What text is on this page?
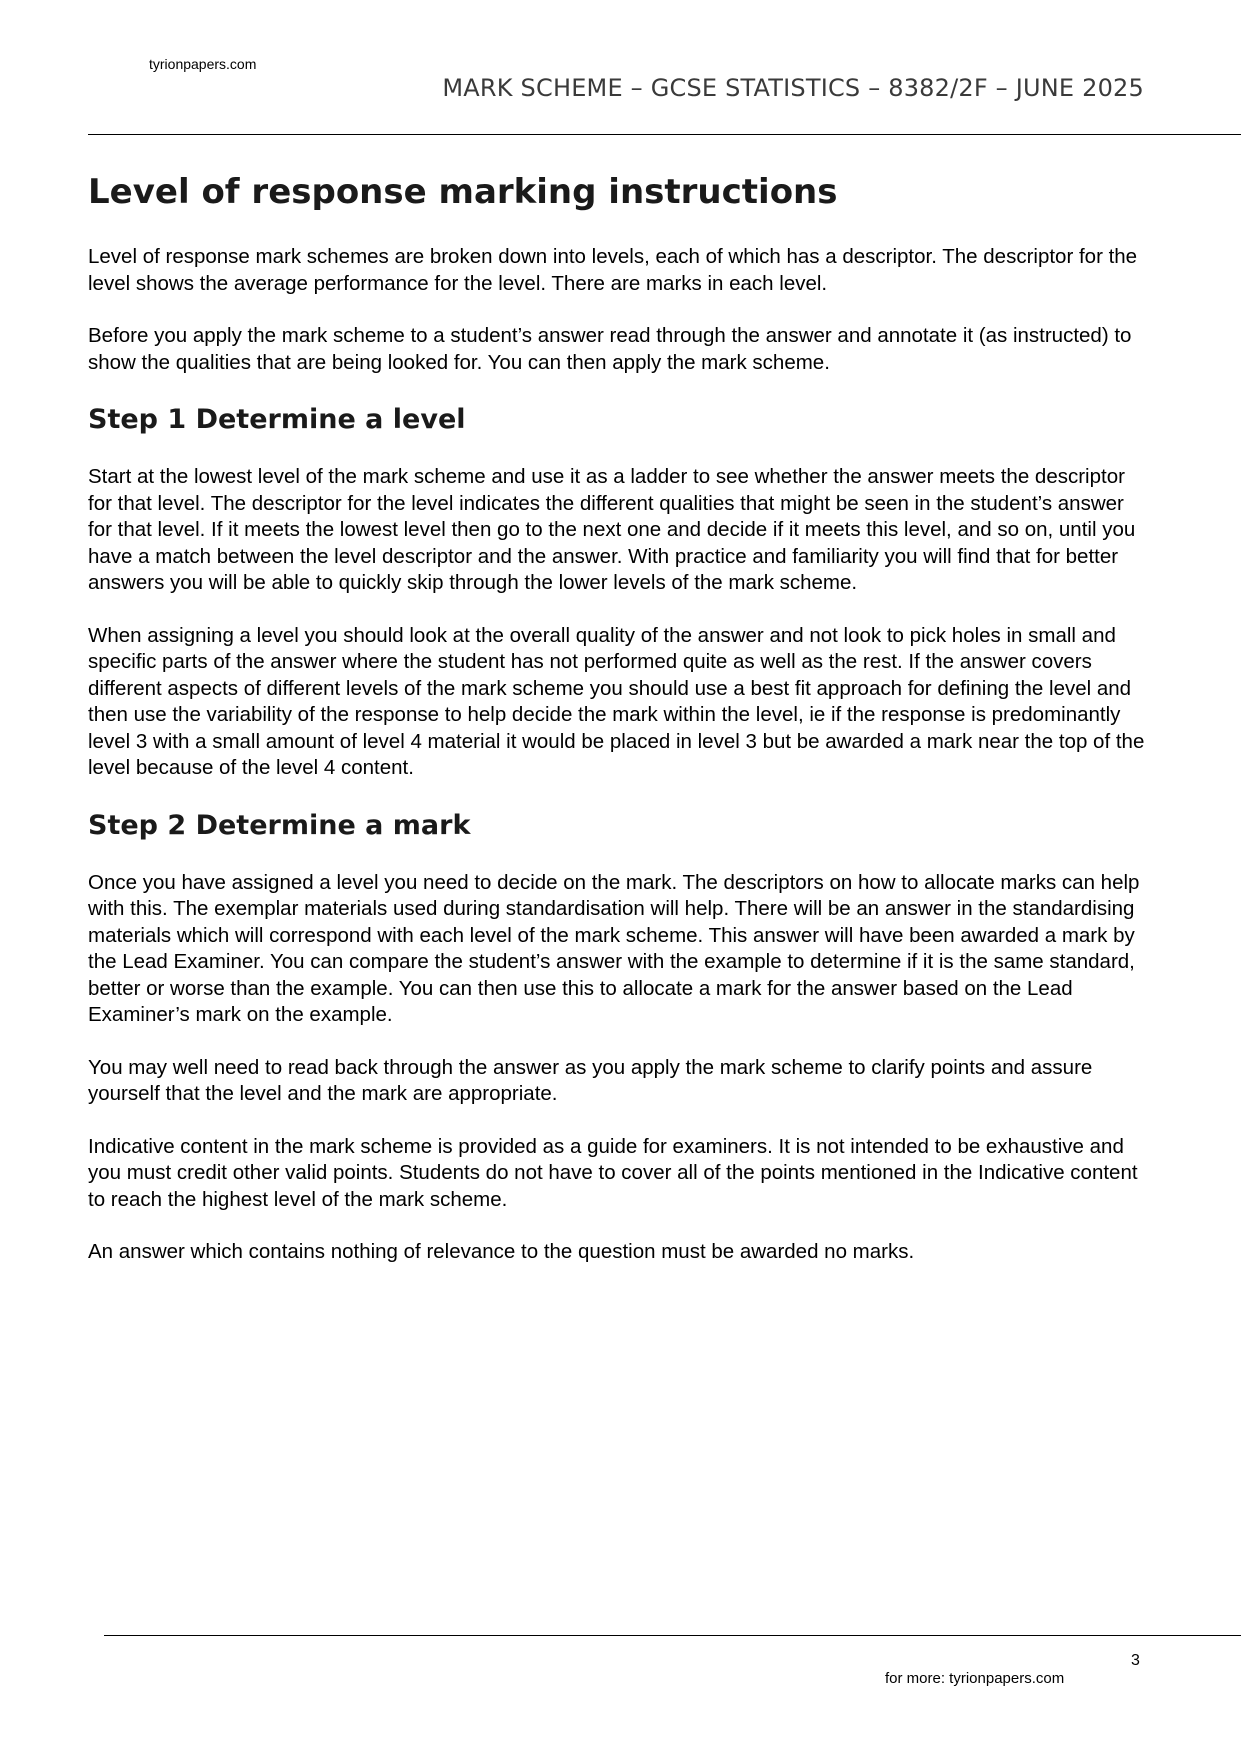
tyrionpapers.com
MARK SCHEME – GCSE STATISTICS – 8382/2F – JUNE 2025
Level of response marking instructions

Level of response mark schemes are broken down into levels, each of which has a descriptor. The descriptor for the level shows the average performance for the level. There are marks in each level.

Before you apply the mark scheme to a student’s answer read through the answer and annotate it (as instructed) to show the qualities that are being looked for. You can then apply the mark scheme.

Step 1 Determine a level

Start at the lowest level of the mark scheme and use it as a ladder to see whether the answer meets the descriptor for that level. The descriptor for the level indicates the different qualities that might be seen in the student’s answer for that level. If it meets the lowest level then go to the next one and decide if it meets this level, and so on, until you have a match between the level descriptor and the answer. With practice and familiarity you will find that for better answers you will be able to quickly skip through the lower levels of the mark scheme.

When assigning a level you should look at the overall quality of the answer and not look to pick holes in small and specific parts of the answer where the student has not performed quite as well as the rest. If the answer covers different aspects of different levels of the mark scheme you should use a best fit approach for defining the level and then use the variability of the response to help decide the mark within the level, ie if the response is predominantly level 3 with a small amount of level 4 material it would be placed in level 3 but be awarded a mark near the top of the level because of the level 4 content.

Step 2 Determine a mark

Once you have assigned a level you need to decide on the mark. The descriptors on how to allocate marks can help with this. The exemplar materials used during standardisation will help. There will be an answer in the standardising materials which will correspond with each level of the mark scheme. This answer will have been awarded a mark by the Lead Examiner. You can compare the student’s answer with the example to determine if it is the same standard, better or worse than the example. You can then use this to allocate a mark for the answer based on the Lead Examiner’s mark on the example.

You may well need to read back through the answer as you apply the mark scheme to clarify points and assure yourself that the level and the mark are appropriate.

Indicative content in the mark scheme is provided as a guide for examiners. It is not intended to be exhaustive and you must credit other valid points. Students do not have to cover all of the points mentioned in the Indicative content to reach the highest level of the mark scheme.

An answer which contains nothing of relevance to the question must be awarded no marks.

3
for more: tyrionpapers.com
